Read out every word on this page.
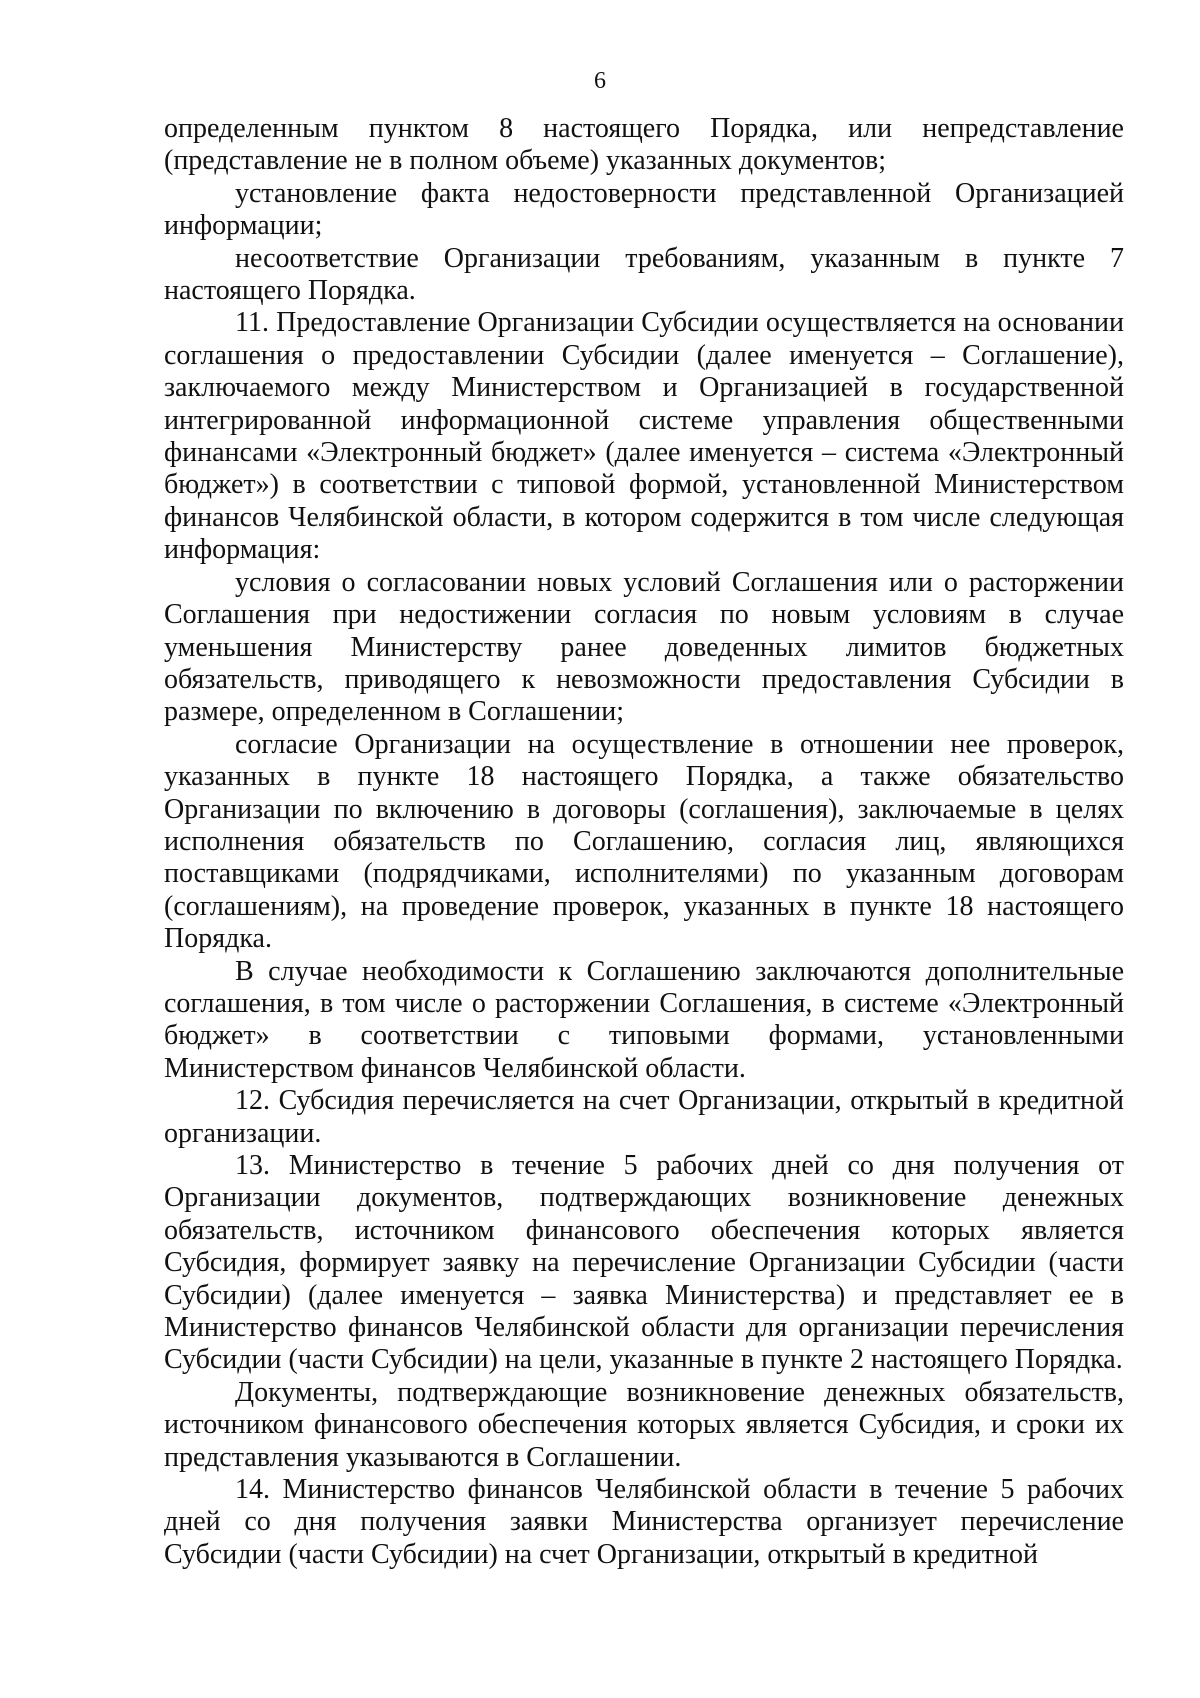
6

определенным пунктом 8 настоящего Порядка, или непредставление (представление не в полном объеме) указанных документов;

установление факта недостоверности представленной Организацией информации;

несоответствие Организации требованиям, указанным в пункте 7 настоящего Порядка.

11. Предоставление Организации Субсидии осуществляется на основании соглашения о предоставлении Субсидии (далее именуется – Соглашение), заключаемого между Министерством и Организацией в государственной интегрированной информационной системе управления общественными финансами «Электронный бюджет» (далее именуется – система «Электронный бюджет») в соответствии с типовой формой, установленной Министерством финансов Челябинской области, в котором содержится в том числе следующая информация:

условия о согласовании новых условий Соглашения или о расторжении Соглашения при недостижении согласия по новым условиям в случае уменьшения Министерству ранее доведенных лимитов бюджетных обязательств, приводящего к невозможности предоставления Субсидии в размере, определенном в Соглашении;

согласие Организации на осуществление в отношении нее проверок, указанных в пункте 18 настоящего Порядка, а также обязательство Организации по включению в договоры (соглашения), заключаемые в целях исполнения обязательств по Соглашению, согласия лиц, являющихся поставщиками (подрядчиками, исполнителями) по указанным договорам (соглашениям), на проведение проверок, указанных в пункте 18 настоящего Порядка.

В случае необходимости к Соглашению заключаются дополнительные соглашения, в том числе о расторжении Соглашения, в системе «Электронный бюджет» в соответствии с типовыми формами, установленными Министерством финансов Челябинской области.

12. Субсидия перечисляется на счет Организации, открытый в кредитной организации.

13. Министерство в течение 5 рабочих дней со дня получения от Организации документов, подтверждающих возникновение денежных обязательств, источником финансового обеспечения которых является Субсидия, формирует заявку на перечисление Организации Субсидии (части Субсидии) (далее именуется – заявка Министерства) и представляет ее в Министерство финансов Челябинской области для организации перечисления Субсидии (части Субсидии) на цели, указанные в пункте 2 настоящего Порядка.

Документы, подтверждающие возникновение денежных обязательств, источником финансового обеспечения которых является Субсидия, и сроки их представления указываются в Соглашении.

14. Министерство финансов Челябинской области в течение 5 рабочих дней со дня получения заявки Министерства организует перечисление Субсидии (части Субсидии) на счет Организации, открытый в кредитной
